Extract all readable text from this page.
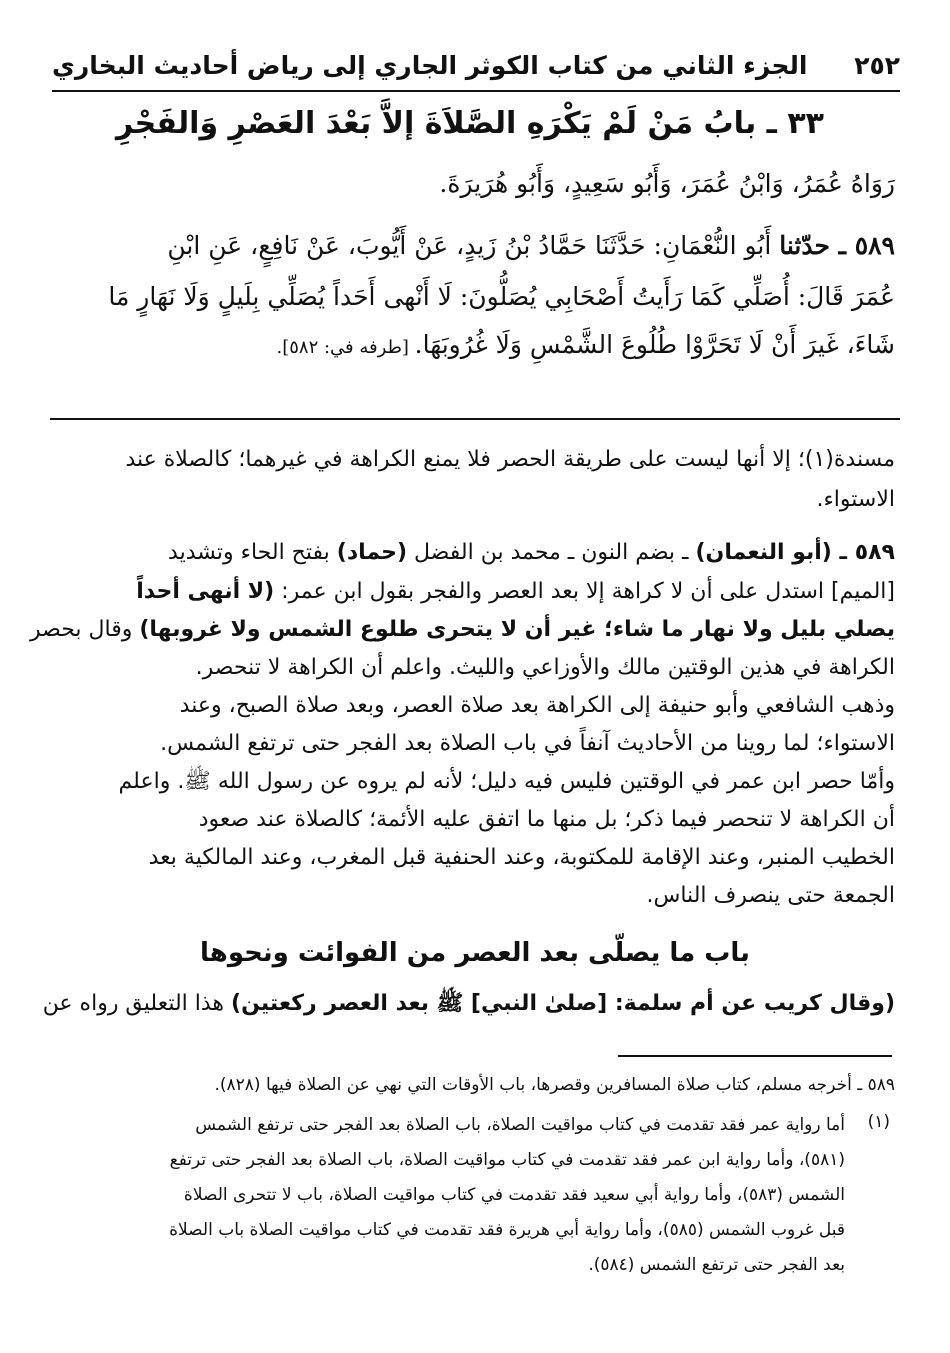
٢٥٢
الجزء الثاني من كتاب الكوثر الجاري إلى رياض أحاديث البخاري
٣٣ ـ بابُ مَنْ لَمْ يَكْرَهِ الصَّلاَةَ إلاَّ بَعْدَ العَصْرِ وَالفَجْرِ
رَوَاهُ عُمَرُ، وَابْنُ عُمَرَ، وَأَبُو سَعِيدٍ، وَأَبُو هُرَيرَةَ.
٥٨٩ ـ حدّثنا أَبُو النُّعْمَانِ: حَدَّثَنَا حَمَّادُ بْنُ زَيدٍ، عَنْ أَيُّوبَ، عَنْ نَافِعٍ، عَنِ ابْنِ
عُمَرَ قَالَ: أُصَلِّي كَمَا رَأَيتُ أَصْحَابِي يُصَلُّونَ: لَا أَنْهى أَحَداً يُصَلِّي بِلَيلٍ وَلَا نَهَارٍ مَا
شَاءَ، غَيرَ أَنْ لَا تَحَرَّوْا طُلُوعَ الشَّمْسِ وَلَا غُرُوبَهَا. [طرفه في: ٥٨٢].
مسندة(١)؛ إلا أنها ليست على طريقة الحصر فلا يمنع الكراهة في غيرهما؛ كالصلاة عند
الاستواء.
٥٨٩ ـ (أبو النعمان) ـ بضم النون ـ محمد بن الفضل (حماد) بفتح الحاء وتشديد
[الميم] استدل على أن لا كراهة إلا بعد العصر والفجر بقول ابن عمر: (لا أنهى أحداً
يصلي بليل ولا نهار ما شاء؛ غير أن لا يتحرى طلوع الشمس ولا غروبها) وقال بحصر
الكراهة في هذين الوقتين مالك والأوزاعي والليث. واعلم أن الكراهة لا تنحصر.
وذهب الشافعي وأبو حنيفة إلى الكراهة بعد صلاة العصر، وبعد صلاة الصبح، وعند
الاستواء؛ لما روينا من الأحاديث آنفاً في باب الصلاة بعد الفجر حتى ترتفع الشمس.
وأمّا حصر ابن عمر في الوقتين فليس فيه دليل؛ لأنه لم يروه عن رسول الله ﷺ. واعلم
أن الكراهة لا تنحصر فيما ذكر؛ بل منها ما اتفق عليه الأئمة؛ كالصلاة عند صعود
الخطيب المنبر، وعند الإقامة للمكتوبة، وعند الحنفية قبل المغرب، وعند المالكية بعد
الجمعة حتى ينصرف الناس.
باب ما يصلّى بعد العصر من الفوائت ونحوها
(وقال كريب عن أم سلمة: [صلىٰ النبي] ﷺ بعد العصر ركعتين) هذا التعليق رواه عن
٥٨٩ ـ أخرجه مسلم، كتاب صلاة المسافرين وقصرها، باب الأوقات التي نهي عن الصلاة فيها (٨٢٨).
(١)
أما رواية عمر فقد تقدمت في كتاب مواقيت الصلاة، باب الصلاة بعد الفجر حتى ترتفع الشمس
(٥٨١)، وأما رواية ابن عمر فقد تقدمت في كتاب مواقيت الصلاة، باب الصلاة بعد الفجر حتى ترتفع
الشمس (٥٨٣)، وأما رواية أبي سعيد فقد تقدمت في كتاب مواقيت الصلاة، باب لا تتحرى الصلاة
قبل غروب الشمس (٥٨٥)، وأما رواية أبي هريرة فقد تقدمت في كتاب مواقيت الصلاة باب الصلاة
بعد الفجر حتى ترتفع الشمس (٥٨٤).
